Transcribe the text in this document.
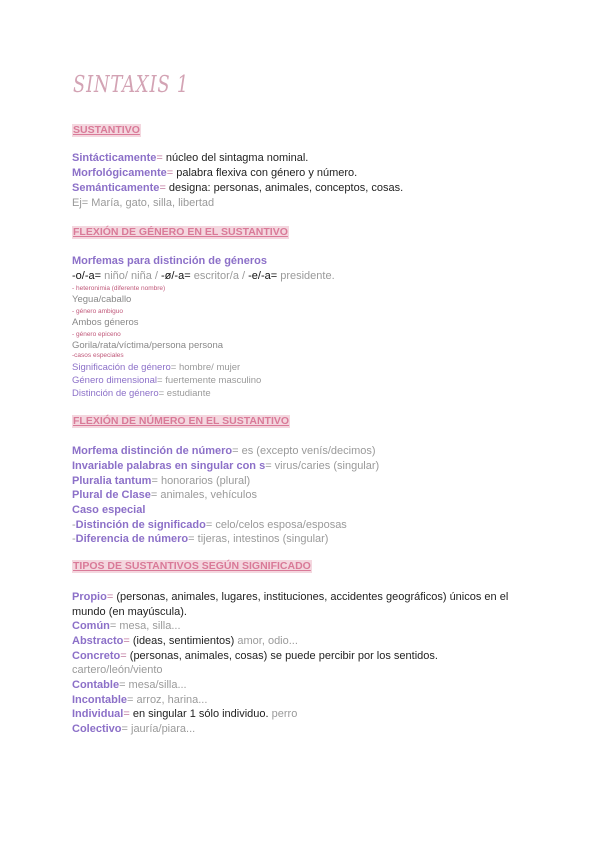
SINTAXIS 1
SUSTANTIVO
Sintácticamente= núcleo del sintagma nominal.
Morfológicamente= palabra flexiva con género y número.
Semánticamente= designa: personas, animales, conceptos, cosas.
Ej= María, gato, silla, libertad
FLEXIÓN DE GÉNERO EN EL SUSTANTIVO
Morfemas para distinción de géneros
-o/-a= niño/ niña / -ø/-a= escritor/a / -e/-a= presidente.
- heteronimia (diferente nombre)
Yegua/caballo
- género ambiguo
Ambos géneros
- género epiceno
Gorila/rata/víctima/persona persona
-casos especiales
Significación de género= hombre/ mujer
Género dimensional= fuertemente masculino
Distinción de género= estudiante
FLEXIÓN DE NÚMERO EN EL SUSTANTIVO
Morfema distinción de número= es (excepto venís/decimos)
Invariable palabras en singular con s= virus/caries (singular)
Pluralia tantum= honorarios (plural)
Plural de Clase= animales, vehículos
Caso especial
-Distinción de significado= celo/celos esposa/esposas
-Diferencia de número= tijeras, intestinos (singular)
TIPOS DE SUSTANTIVOS SEGÚN SIGNIFICADO
Propio= (personas, animales, lugares, instituciones, accidentes geográficos) únicos en el
mundo (en mayúscula).
Común= mesa, silla...
Abstracto= (ideas, sentimientos) amor, odio...
Concreto= (personas, animales, cosas) se puede percibir por los sentidos.
cartero/león/viento
Contable= mesa/silla...
Incontable= arroz, harina...
Individual= en singular 1 sólo individuo. perro
Colectivo= jauría/piara...
